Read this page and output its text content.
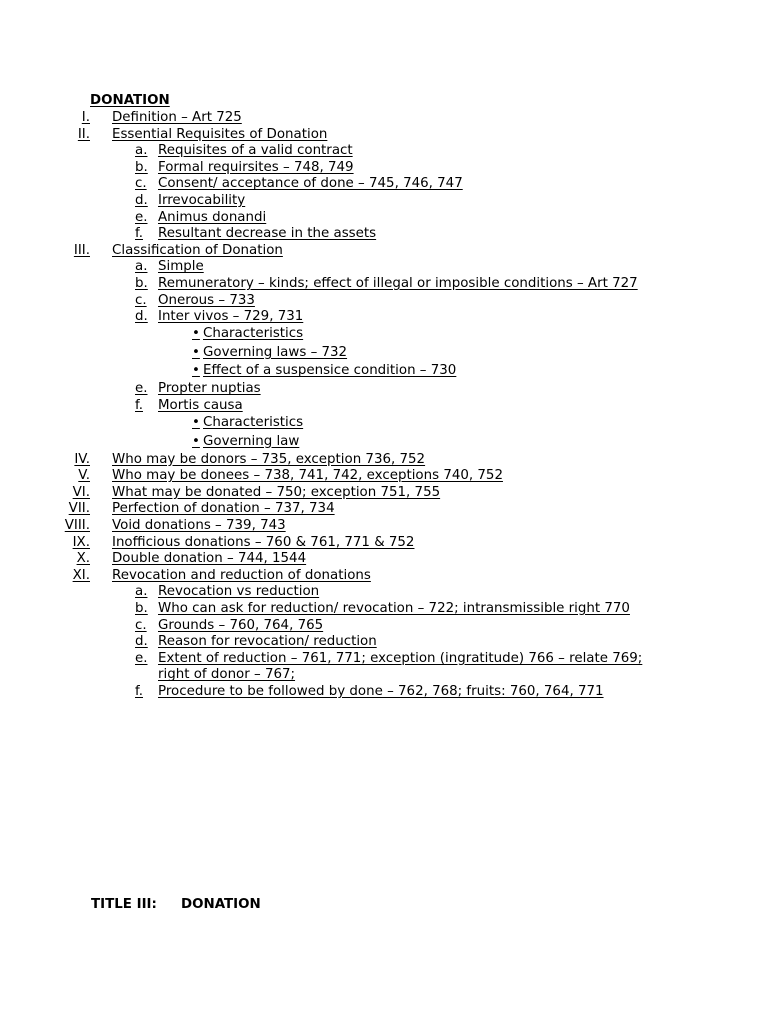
DONATION
I. Definition – Art 725
II. Essential Requisites of Donation
a. Requisites of a valid contract
b. Formal requirsites – 748, 749
c. Consent/ acceptance of done – 745, 746, 747
d. Irrevocability
e. Animus donandi
f. Resultant decrease in the assets
III. Classification of Donation
a. Simple
b. Remuneratory – kinds; effect of illegal or imposible conditions – Art 727
c. Onerous – 733
d. Inter vivos – 729, 731
• Characteristics
• Governing laws – 732
• Effect of a suspensice condition – 730
e. Propter nuptias
f. Mortis causa
• Characteristics
• Governing law
IV. Who may be donors – 735, exception 736, 752
V. Who may be donees – 738, 741, 742, exceptions 740, 752
VI. What may be donated – 750; exception 751, 755
VII. Perfection of donation – 737, 734
VIII. Void donations – 739, 743
IX. Inofficious donations – 760 & 761, 771 & 752
X. Double donation – 744, 1544
XI. Revocation and reduction of donations
a. Revocation vs reduction
b. Who can ask for reduction/ revocation – 722; intransmissible right 770
c. Grounds – 760, 764, 765
d. Reason for revocation/ reduction
e. Extent of reduction – 761, 771; exception (ingratitude) 766 – relate 769;
right of donor – 767;
f. Procedure to be followed by done – 762, 768; fruits: 760, 764, 771
TITLE III: DONATION
